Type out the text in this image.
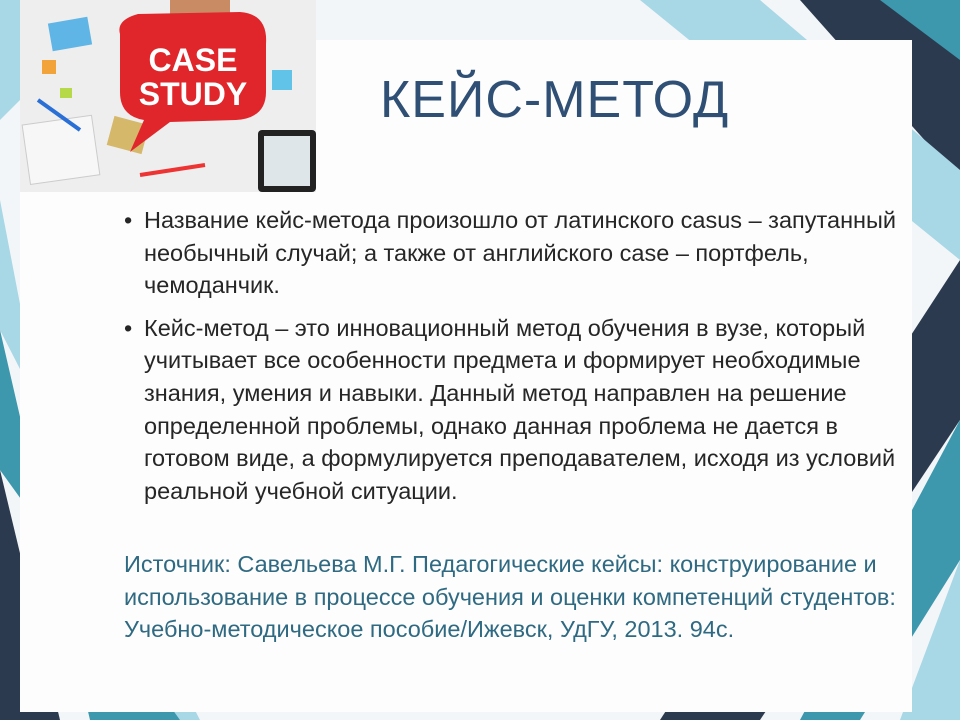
CASE
STUDY	КЕЙС-МЕТОД
• Название кейс-метода произошло от латинского casus – запутанный необычный случай; а также от английского case – портфель, чемоданчик.
• Кейс-метод – это инновационный метод обучения в вузе, который учитывает все особенности предмета и формирует необходимые знания, умения и навыки. Данный метод направлен на решение определенной проблемы, однако данная проблема не дается в готовом виде, а формулируется преподавателем, исходя из условий реальной учебной ситуации.
Источник: Савельева М.Г. Педагогические кейсы: конструирование и использование в процессе обучения и оценки компетенций студентов: Учебно-методическое пособие/Ижевск, УдГУ, 2013. 94с.
